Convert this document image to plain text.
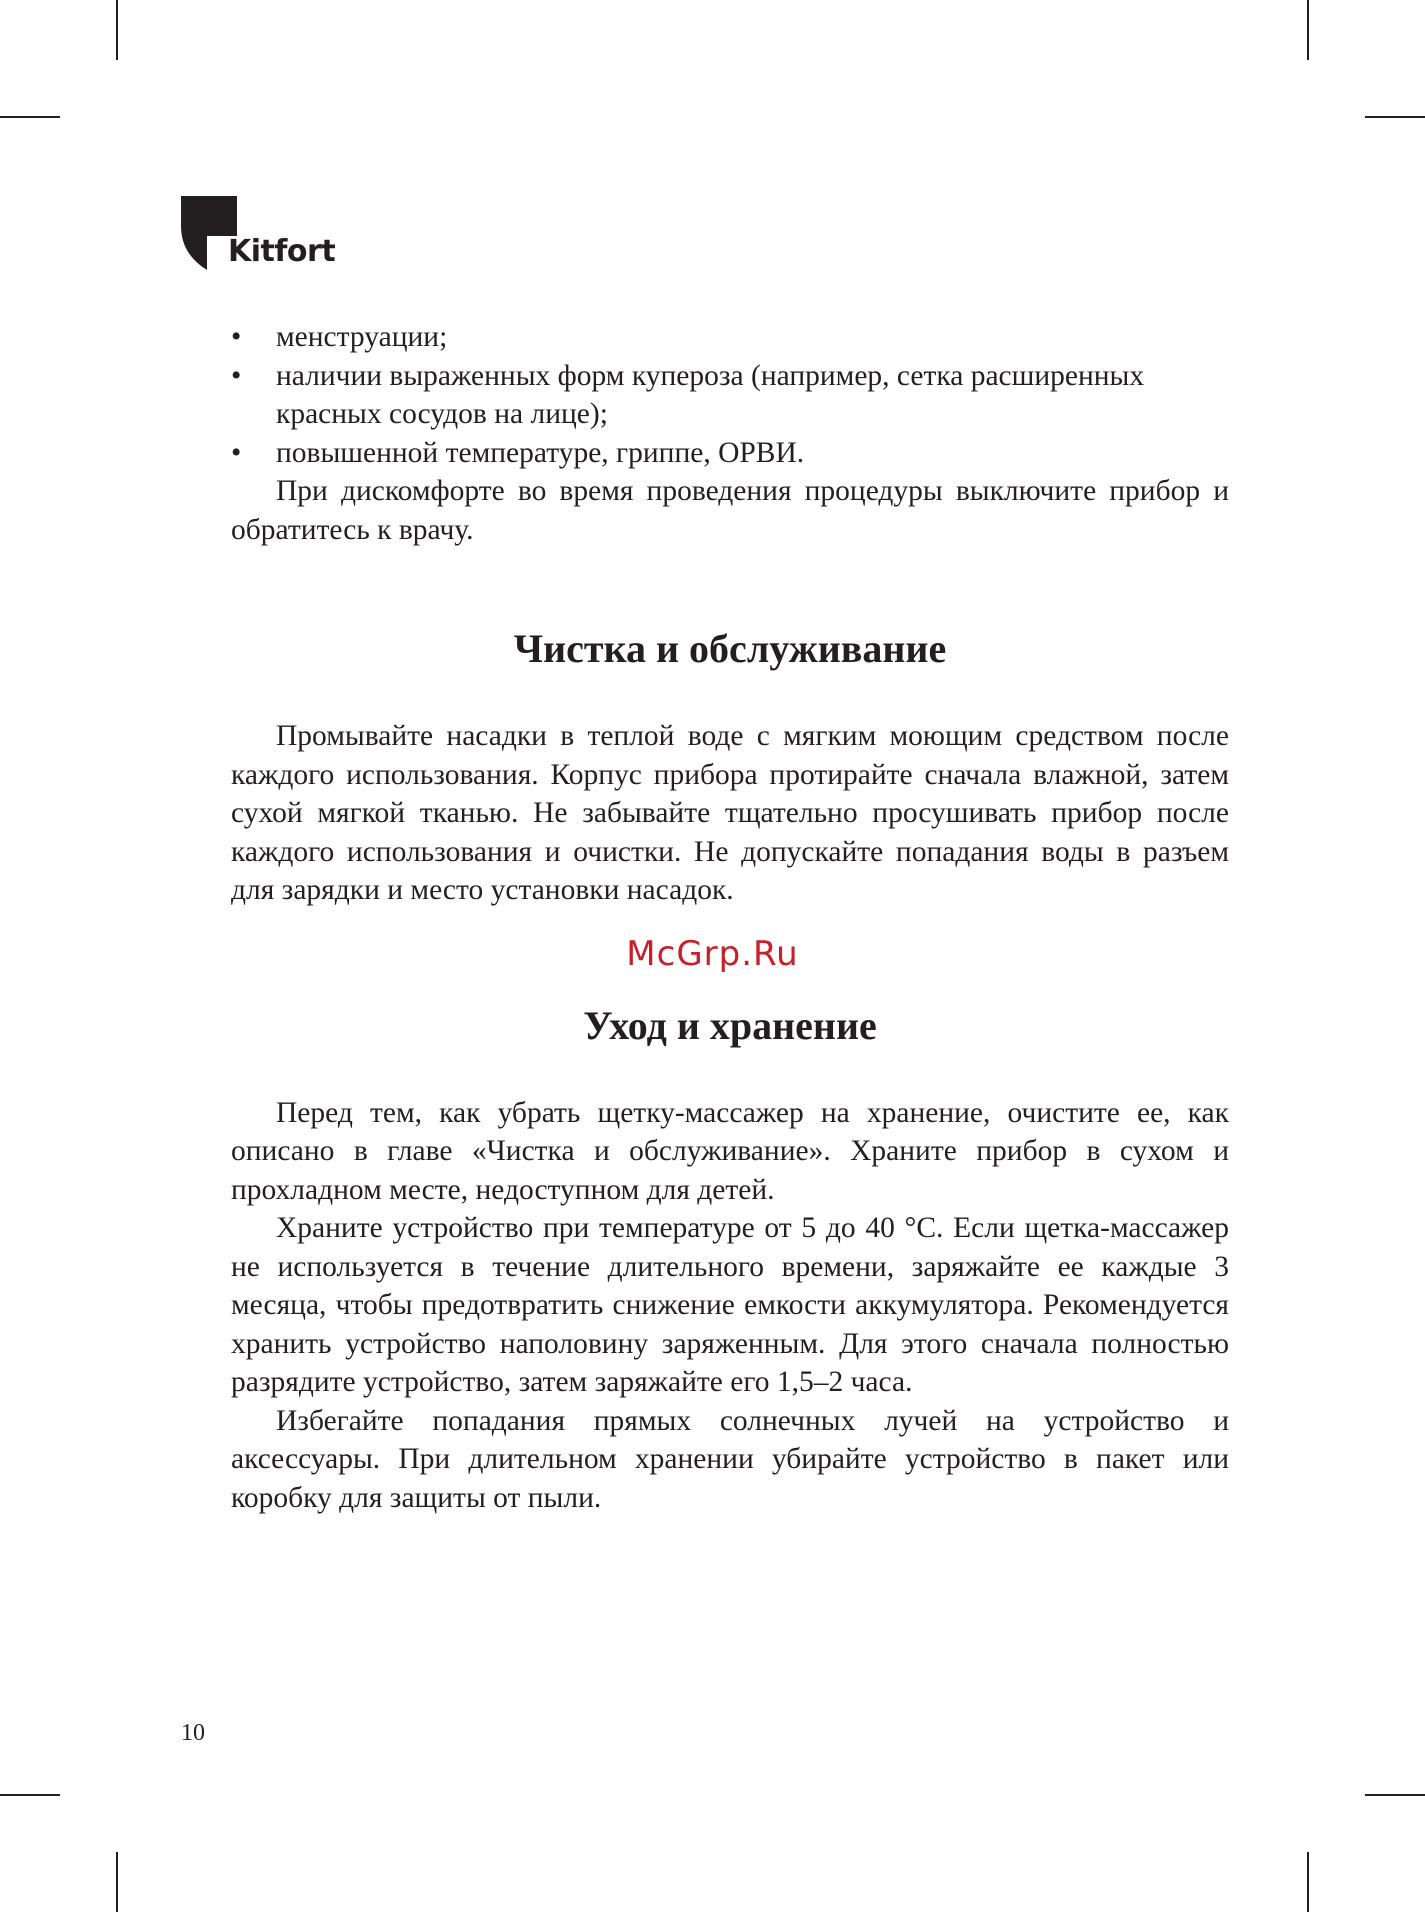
Kitfort
• менструации;
• наличии выраженных форм купероза (например, сетка расширенных красных сосудов на лице);
• повышенной температуре, гриппе, ОРВИ.

При дискомфорте во время проведения процедуры выключите прибор и обратитесь к врачу.

Чистка и обслуживание

Промывайте насадки в теплой воде с мягким моющим средством после каждого использования. Корпус прибора протирайте сначала влажной, затем сухой мягкой тканью. Не забывайте тщательно просушивать прибор после каждого использования и очистки. Не допускайте попадания воды в разъем для зарядки и место установки насадок.

Уход и хранение

Перед тем, как убрать щетку-массажер на хранение, очистите ее, как описано в главе «Чистка и обслуживание». Храните прибор в сухом и прохладном месте, недоступном для детей.

Храните устройство при температуре от 5 до 40 °C. Если щетка-массажер не используется в течение длительного времени, заряжайте ее каждые 3 месяца, чтобы предотвратить снижение емкости аккумулятора. Рекомендуется хранить устройство наполовину заряженным. Для этого сначала полностью разрядите устройство, затем заряжайте его 1,5–2 часа.

Избегайте попадания прямых солнечных лучей на устройство и аксессуары. При длительном хранении убирайте устройство в пакет или коробку для защиты от пыли.

McGrp.Ru
10
